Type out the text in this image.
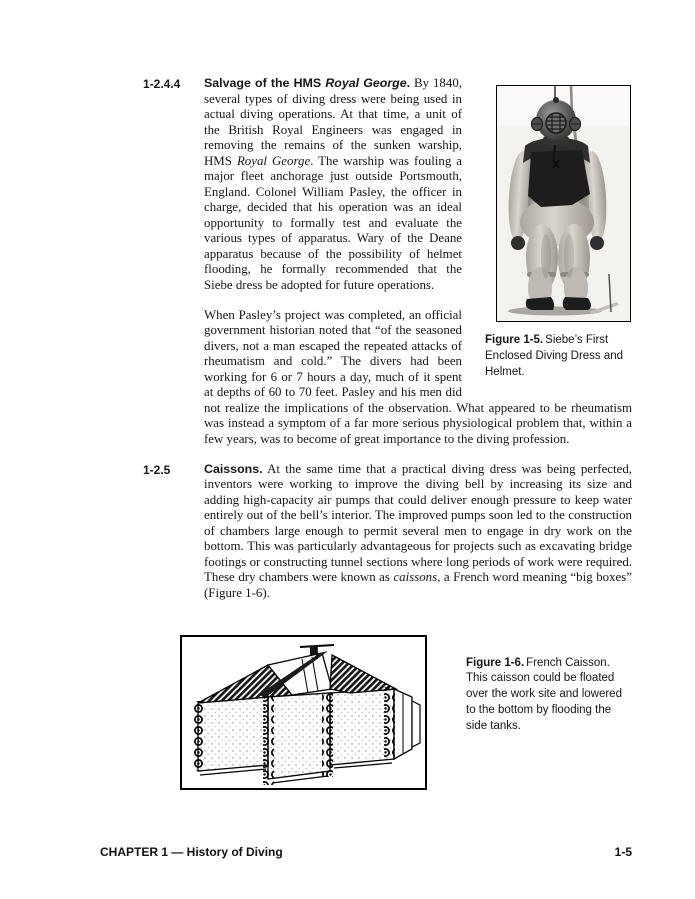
1-2.4.4
Figure 1-5. Siebe’s First Enclosed Diving Dress and Helmet.

Salvage of the HMS Royal George. By 1840, several types of diving dress were being used in actual diving operations. At that time, a unit of the British Royal Engineers was engaged in removing the remains of the sunken warship, HMS Royal George. The warship was fouling a major fleet anchorage just outside Portsmouth, England. Colonel William Pasley, the officer in charge, decided that his operation was an ideal opportunity to formally test and evaluate the various types of apparatus. Wary of the Deane apparatus because of the possibility of helmet flooding, he formally recommended that the Siebe dress be adopted for future operations.

When Pasley’s project was completed, an official government historian noted that “of the seasoned divers, not a man escaped the repeated attacks of rheumatism and cold.” The divers had been working for 6 or 7 hours a day, much of it spent at depths of 60 to 70 feet. Pasley and his men did not realize the implications of the observation. What appeared to be rheumatism was instead a symptom of a far more serious physiological problem that, within a few years, was to become of great importance to the diving profession.

1-2.5	Caissons. At the same time that a practical diving dress was being perfected, inventors were working to improve the diving bell by increasing its size and adding high-capacity air pumps that could deliver enough pressure to keep water entirely out of the bell’s interior. The improved pumps soon led to the construction of chambers large enough to permit several men to engage in dry work on the bottom. This was particularly advantageous for projects such as excavating bridge footings or constructing tunnel sections where long periods of work were required. These dry chambers were known as caissons, a French word meaning “big boxes” (Figure 1-6).

Figure 1-6. French Caisson. This caisson could be floated over the work site and lowered to the bottom by flooding the side tanks.
CHAPTER 1 — History of Diving	1-5
